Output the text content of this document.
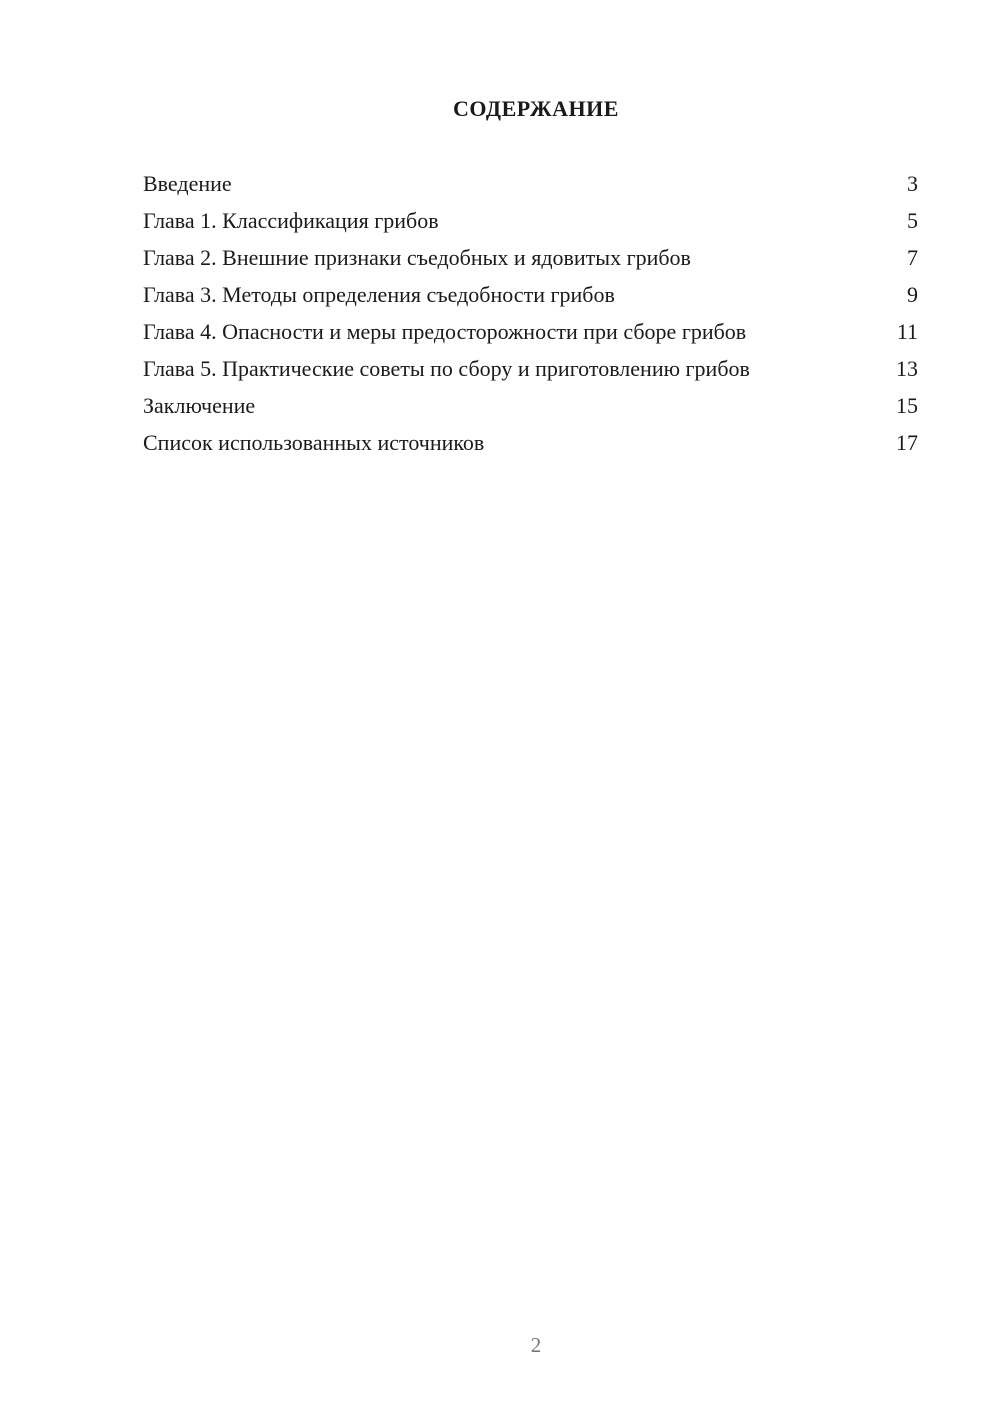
СОДЕРЖАНИЕ
Введение	3
Глава 1. Классификация грибов	5
Глава 2. Внешние признаки съедобных и ядовитых грибов	7
Глава 3. Методы определения съедобности грибов	9
Глава 4. Опасности и меры предосторожности при сборе грибов	11
Глава 5. Практические советы по сбору и приготовлению грибов	13
Заключение	15
Список использованных источников	17
2
